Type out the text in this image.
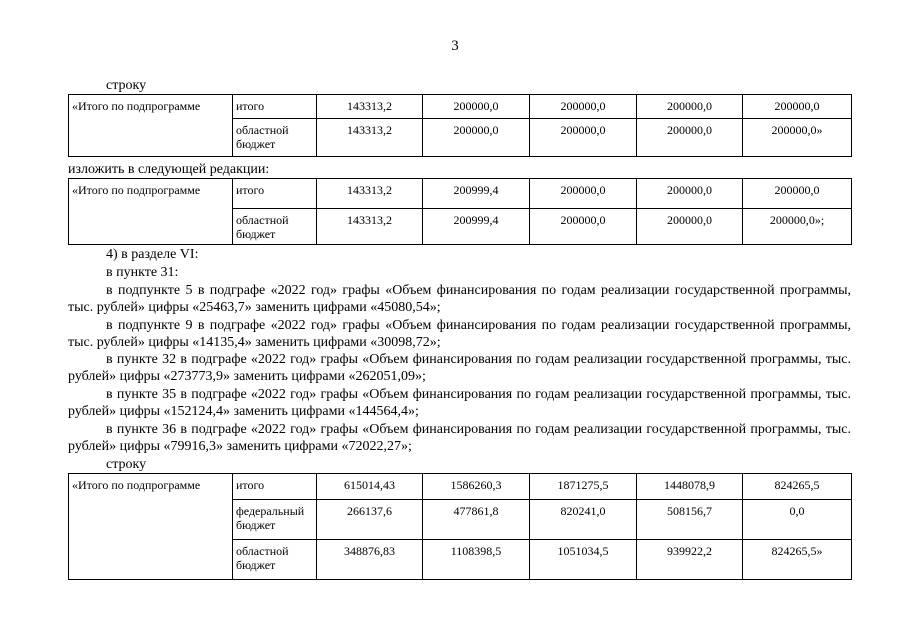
3
строку
«Итого по подпрограмме	итого	143313,2	200000,0	200000,0	200000,0	200000,0
	областной бюджет	143313,2	200000,0	200000,0	200000,0	200000,0»
изложить в следующей редакции:
«Итого по подпрограмме	итого	143313,2	200999,4	200000,0	200000,0	200000,0
	областной бюджет	143313,2	200999,4	200000,0	200000,0	200000,0»;
4) в разделе VI:
в пункте 31:
в подпункте 5 в подграфе «2022 год» графы «Объем финансирования по годам реализации государственной программы, тыс. рублей» цифры «25463,7» заменить цифрами «45080,54»;
в подпункте 9 в подграфе «2022 год» графы «Объем финансирования по годам реализации государственной программы, тыс. рублей» цифры «14135,4» заменить цифрами «30098,72»;
в пункте 32 в подграфе «2022 год» графы «Объем финансирования по годам реализации государственной программы, тыс. рублей» цифры «273773,9» заменить цифрами «262051,09»;
в пункте 35 в подграфе «2022 год» графы «Объем финансирования по годам реализации государственной программы, тыс. рублей» цифры «152124,4» заменить цифрами «144564,4»;
в пункте 36 в подграфе «2022 год» графы «Объем финансирования по годам реализации государственной программы, тыс. рублей» цифры «79916,3» заменить цифрами «72022,27»;
строку
«Итого по подпрограмме	итого	615014,43	1586260,3	1871275,5	1448078,9	824265,5
	федеральный бюджет	266137,6	477861,8	820241,0	508156,7	0,0
	областной бюджет	348876,83	1108398,5	1051034,5	939922,2	824265,5»
